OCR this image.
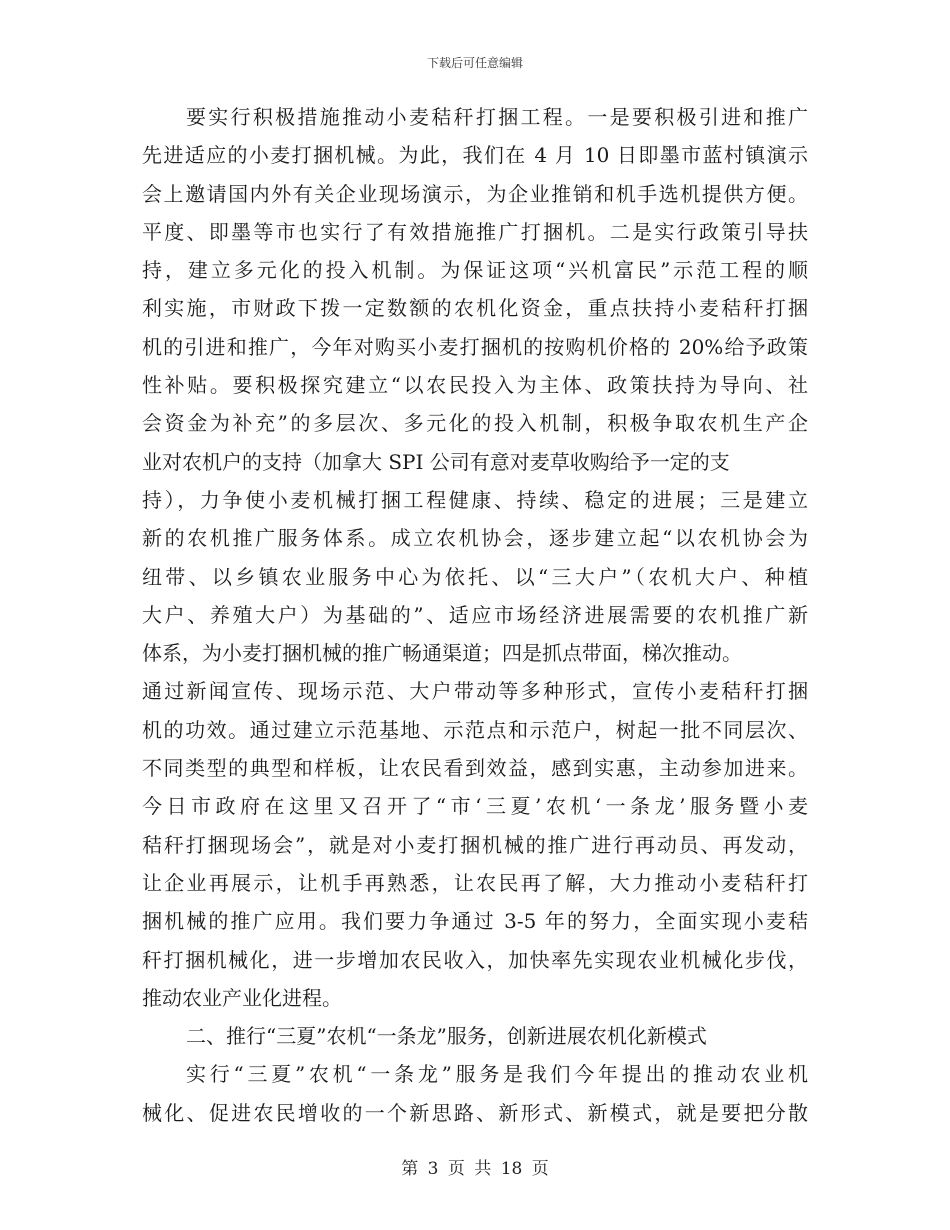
下载后可任意编辑
要实行积极措施推动小麦秸秆打捆工程。一是要积极引进和推广
先进适应的小麦打捆机械。为此，我们在 4 月 10 日即墨市蓝村镇演示
会上邀请国内外有关企业现场演示，为企业推销和机手选机提供方便。
平度、即墨等市也实行了有效措施推广打捆机。二是实行政策引导扶
持，建立多元化的投入机制。为保证这项“兴机富民”示范工程的顺
利实施，市财政下拨一定数额的农机化资金，重点扶持小麦秸秆打捆
机的引进和推广，今年对购买小麦打捆机的按购机价格的 20%给予政策
性补贴。要积极探究建立“以农民投入为主体、政策扶持为导向、社
会资金为补充”的多层次、多元化的投入机制，积极争取农机生产企
业对农机户的支持（加拿大 SPI 公司有意对麦草收购给予一定的支
持），力争使小麦机械打捆工程健康、持续、稳定的进展；三是建立
新的农机推广服务体系。成立农机协会，逐步建立起“以农机协会为
纽带、以乡镇农业服务中心为依托、以“三大户”（农机大户、种植
大户、养殖大户）为基础的”、适应市场经济进展需要的农机推广新
体系，为小麦打捆机械的推广畅通渠道；四是抓点带面，梯次推动。
通过新闻宣传、现场示范、大户带动等多种形式，宣传小麦秸秆打捆
机的功效。通过建立示范基地、示范点和示范户，树起一批不同层次、
不同类型的典型和样板，让农民看到效益，感到实惠，主动参加进来。
今日市政府在这里又召开了“市‘三夏’农机‘一条龙’服务暨小麦
秸秆打捆现场会”，就是对小麦打捆机械的推广进行再动员、再发动，
让企业再展示，让机手再熟悉，让农民再了解，大力推动小麦秸秆打
捆机械的推广应用。我们要力争通过 3-5 年的努力，全面实现小麦秸
秆打捆机械化，进一步增加农民收入，加快率先实现农业机械化步伐，
推动农业产业化进程。
二、推行“三夏”农机“一条龙”服务，创新进展农机化新模式
实行“三夏”农机“一条龙”服务是我们今年提出的推动农业机
械化、促进农民增收的一个新思路、新形式、新模式，就是要把分散
第 3 页 共 18 页
